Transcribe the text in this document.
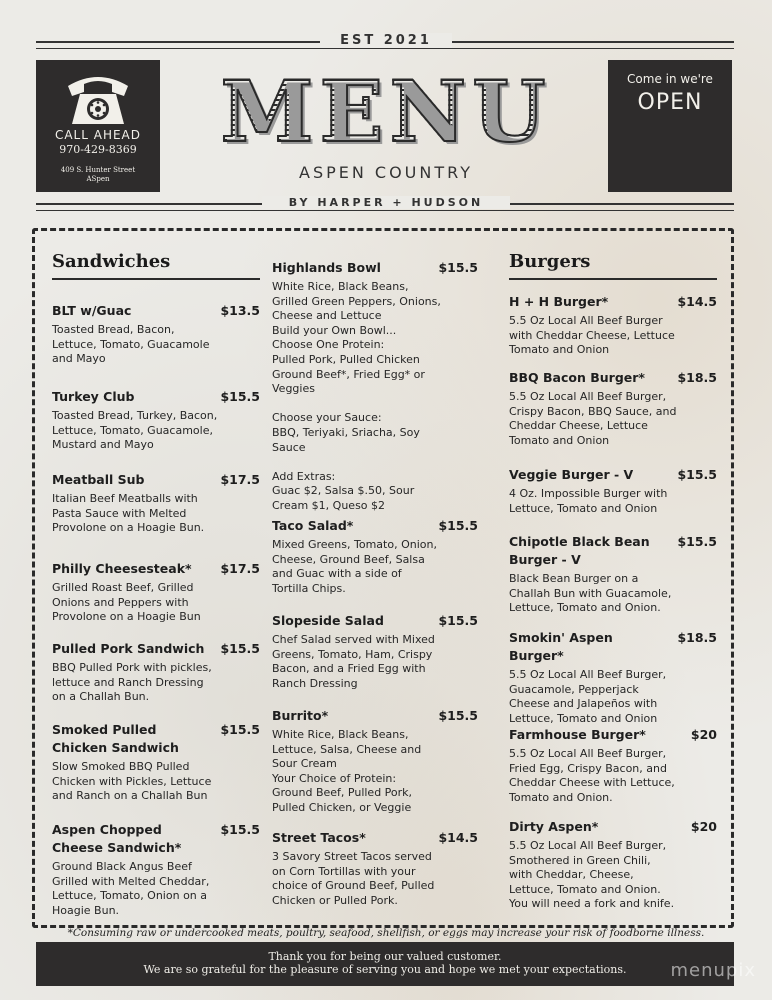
EST 2021
CALL AHEAD
970-429-8369
409 S. Hunter Street
ASpen
MENU
ASPEN COUNTRY
Come in we're
OPEN
BY HARPER + HUDSON
Sandwiches
BLT w/Guac	$13.5
Toasted Bread, Bacon,
Lettuce, Tomato, Guacamole
and Mayo
Turkey Club	$15.5
Toasted Bread, Turkey, Bacon,
Lettuce, Tomato, Guacamole,
Mustard and Mayo
Meatball Sub	$17.5
Italian Beef Meatballs with
Pasta Sauce with Melted
Provolone on a Hoagie Bun.
Philly Cheesesteak*	$17.5
Grilled Roast Beef, Grilled
Onions and Peppers with
Provolone on a Hoagie Bun
Pulled Pork Sandwich	$15.5
BBQ Pulled Pork with pickles,
lettuce and Ranch Dressing
on a Challah Bun.
Smoked Pulled
Chicken Sandwich
$15.5
Slow Smoked BBQ Pulled
Chicken with Pickles, Lettuce
and Ranch on a Challah Bun
Aspen Chopped
Cheese Sandwich*
$15.5
Ground Black Angus Beef
Grilled with Melted Cheddar,
Lettuce, Tomato, Onion on a
Hoagie Bun.
Highlands Bowl	$15.5
White Rice, Black Beans,
Grilled Green Peppers, Onions,
Cheese and Lettuce
Build your Own Bowl...
Choose One Protein:
Pulled Pork, Pulled Chicken
Ground Beef*, Fried Egg* or
Veggies

Choose your Sauce:
BBQ, Teriyaki, Sriacha, Soy
Sauce

Add Extras:
Guac $2, Salsa $.50, Sour
Cream $1, Queso $2
Taco Salad*	$15.5
Mixed Greens, Tomato, Onion,
Cheese, Ground Beef, Salsa
and Guac with a side of
Tortilla Chips.
Slopeside Salad	$15.5
Chef Salad served with Mixed
Greens, Tomato, Ham, Crispy
Bacon, and a Fried Egg with
Ranch Dressing
Burrito*	$15.5
White Rice, Black Beans,
Lettuce, Salsa, Cheese and
Sour Cream
Your Choice of Protein:
Ground Beef, Pulled Pork,
Pulled Chicken, or Veggie
Street Tacos*	$14.5
3 Savory Street Tacos served
on Corn Tortillas with your
choice of Ground Beef, Pulled
Chicken or Pulled Pork.
Burgers
H + H Burger*	$14.5
5.5 Oz Local All Beef Burger
with Cheddar Cheese, Lettuce
Tomato and Onion
BBQ Bacon Burger*	$18.5
5.5 Oz Local All Beef Burger,
Crispy Bacon, BBQ Sauce, and
Cheddar Cheese, Lettuce
Tomato and Onion
Veggie Burger - V	$15.5
4 Oz. Impossible Burger with
Lettuce, Tomato and Onion
Chipotle Black Bean
Burger - V
$15.5
Black Bean Burger on a
Challah Bun with Guacamole,
Lettuce, Tomato and Onion.
Smokin' Aspen Burger*
$18.5
5.5 Oz Local All Beef Burger,
Guacamole, Pepperjack
Cheese and Jalapeños with
Lettuce, Tomato and Onion
Farmhouse Burger*	$20
5.5 Oz Local All Beef Burger,
Fried Egg, Crispy Bacon, and
Cheddar Cheese with Lettuce,
Tomato and Onion.
Dirty Aspen*	$20
5.5 Oz Local All Beef Burger,
Smothered in Green Chili,
with Cheddar, Cheese,
Lettuce, Tomato and Onion.
You will need a fork and knife.
*Consuming raw or undercooked meats, poultry, seafood, shellfish, or eggs may increase your risk of foodborne illness.
Thank you for being our valued customer.
We are so grateful for the pleasure of serving you and hope we met your expectations.	menupix
